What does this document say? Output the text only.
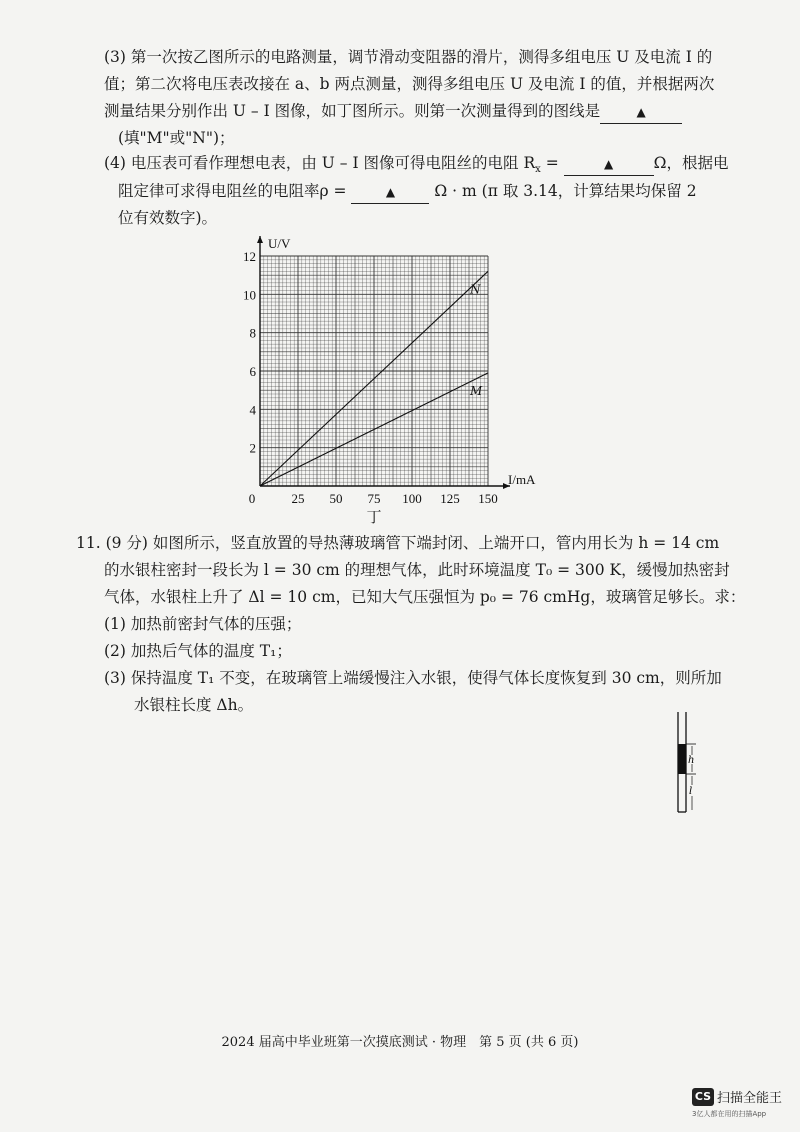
(3) 第一次按乙图所示的电路测量，调节滑动变阻器的滑片，测得多组电压 U 及电流 I 的
值；第二次将电压表改接在 a、b 两点测量，测得多组电压 U 及电流 I 的值，并根据两次
测量结果分别作出 U – I 图像，如丁图所示。则第一次测量得到的图线是	▲
(填"M"或"N")；
(4) 电压表可看作理想电表，由 U – I 图像可得电阻丝的电阻 $R_x$ =	▲	Ω，根据电
阻定律可求得电阻丝的电阻率ρ =	▲	Ω · m (π 取 3.14，计算结果均保留 2
位有效数字)。
N
M
0	25 50 75 100 125 150
2
4
6
8
10
12
I/mA
U/V
丁
11. (9 分) 如图所示，竖直放置的导热薄玻璃管下端封闭、上端开口，管内用长为 h = 14 cm
的水银柱密封一段长为 l = 30 cm 的理想气体，此时环境温度 T₀ = 300 K，缓慢加热密封
气体，水银柱上升了 Δl = 10 cm，已知大气压强恒为 p₀ = 76 cmHg，玻璃管足够长。求：
(1) 加热前密封气体的压强；
(2) 加热后气体的温度 T₁；
(3) 保持温度 T₁ 不变，在玻璃管上端缓慢注入水银，使得气体长度恢复到 30 cm，则所加
水银柱长度 Δh。
h
l
2024 届高中毕业班第一次摸底测试 · 物理　第 5 页 (共 6 页)
CS 扫描全能王
3亿人都在用的扫描App
